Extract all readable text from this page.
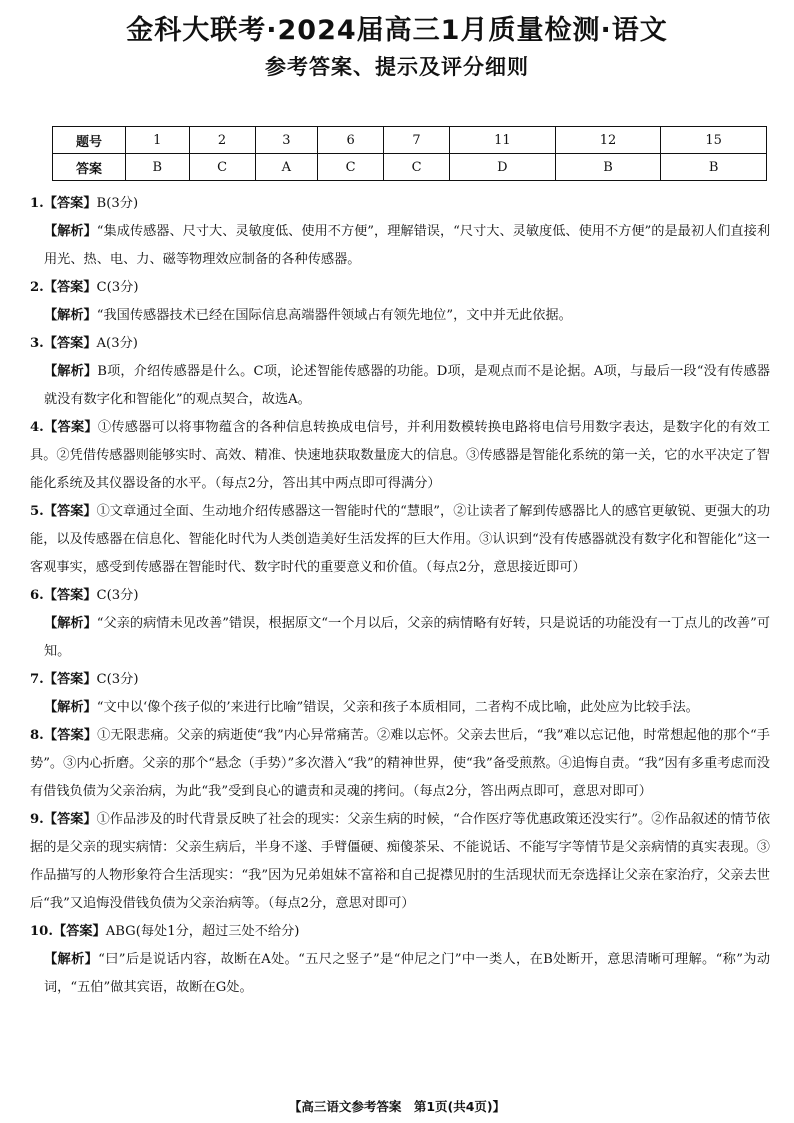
金科大联考·2024届高三1月质量检测·语文
参考答案、提示及评分细则
题号	1	2	3	6	7	11	12	15
答案	B	C	A	C	C	D	B	B

1.【答案】B(3分)

【解析】“集成传感器、尺寸大、灵敏度低、使用不方便”，理解错误，“尺寸大、灵敏度低、使用不方便”的是最初人们直接利用光、热、电、力、磁等物理效应制备的各种传感器。

2.【答案】C(3分)

【解析】“我国传感器技术已经在国际信息高端器件领域占有领先地位”，文中并无此依据。

3.【答案】A(3分)

【解析】B项，介绍传感器是什么。C项，论述智能传感器的功能。D项，是观点而不是论据。A项，与最后一段“没有传感器就没有数字化和智能化”的观点契合，故选A。

4.【答案】①传感器可以将事物蕴含的各种信息转换成电信号，并利用数模转换电路将电信号用数字表达，是数字化的有效工具。②凭借传感器则能够实时、高效、精准、快速地获取数量庞大的信息。③传感器是智能化系统的第一关，它的水平决定了智能化系统及其仪器设备的水平。（每点2分，答出其中两点即可得满分）

5.【答案】①文章通过全面、生动地介绍传感器这一智能时代的“慧眼”，②让读者了解到传感器比人的感官更敏锐、更强大的功能，以及传感器在信息化、智能化时代为人类创造美好生活发挥的巨大作用。③认识到“没有传感器就没有数字化和智能化”这一客观事实，感受到传感器在智能时代、数字时代的重要意义和价值。（每点2分，意思接近即可）

6.【答案】C(3分)

【解析】“父亲的病情未见改善”错误，根据原文“一个月以后，父亲的病情略有好转，只是说话的功能没有一丁点儿的改善”可知。

7.【答案】C(3分)

【解析】“文中以‘像个孩子似的’来进行比喻”错误，父亲和孩子本质相同，二者构不成比喻，此处应为比较手法。

8.【答案】①无限悲痛。父亲的病逝使“我”内心异常痛苦。②难以忘怀。父亲去世后，“我”难以忘记他，时常想起他的那个“手势”。③内心折磨。父亲的那个“悬念（手势）”多次潜入“我”的精神世界，使“我”备受煎熬。④追悔自责。“我”因有多重考虑而没有借钱负债为父亲治病，为此“我”受到良心的谴责和灵魂的拷问。（每点2分，答出两点即可，意思对即可）

9.【答案】①作品涉及的时代背景反映了社会的现实：父亲生病的时候，“合作医疗等优惠政策还没实行”。②作品叙述的情节依据的是父亲的现实病情：父亲生病后，半身不遂、手臂僵硬、痴傻茶呆、不能说话、不能写字等情节是父亲病情的真实表现。③作品描写的人物形象符合生活现实：“我”因为兄弟姐妹不富裕和自己捉襟见肘的生活现状而无奈选择让父亲在家治疗，父亲去世后“我”又追悔没借钱负债为父亲治病等。（每点2分，意思对即可）

10.【答案】ABG(每处1分，超过三处不给分)

【解析】“曰”后是说话内容，故断在A处。“五尺之竖子”是“仲尼之门”中一类人，在B处断开，意思清晰可理解。“称”为动词，“五伯”做其宾语，故断在G处。

【高三语文参考答案　第1页(共4页)】
